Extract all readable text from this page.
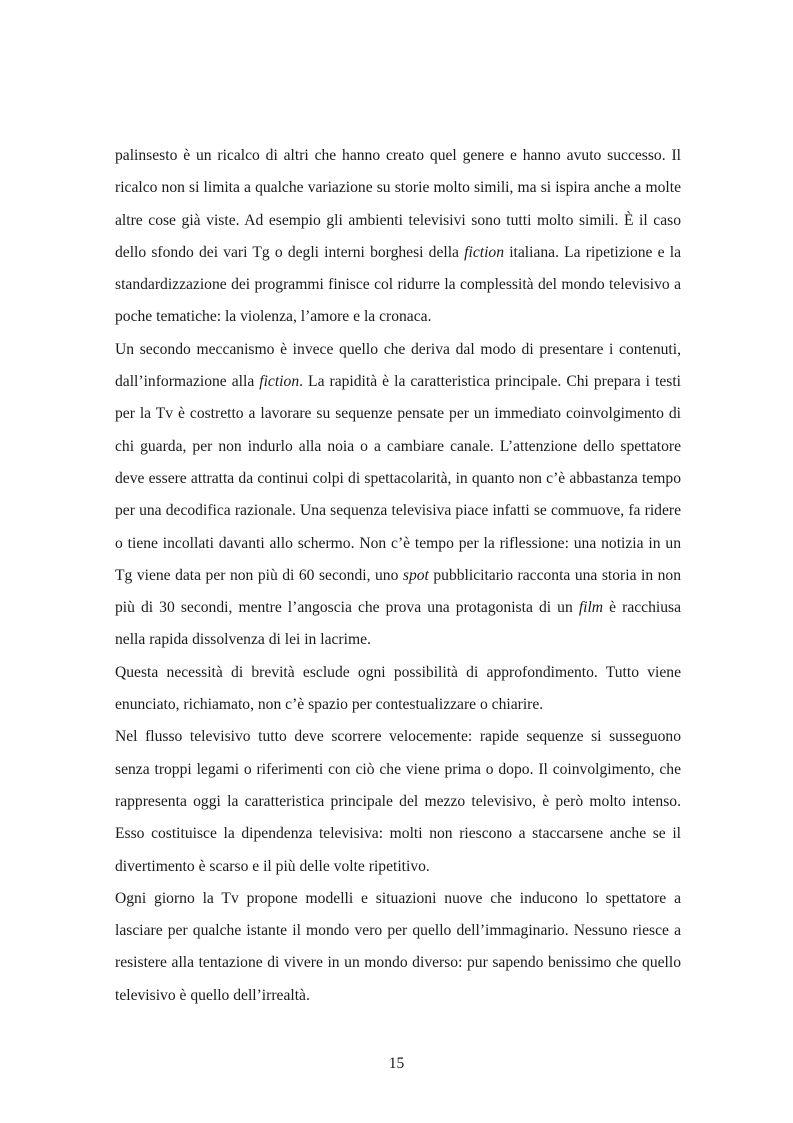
palinsesto è un ricalco di altri che hanno creato quel genere e hanno avuto successo. Il ricalco non si limita a qualche variazione su storie molto simili, ma si ispira anche a molte altre cose già viste. Ad esempio gli ambienti televisivi sono tutti molto simili. È il caso dello sfondo dei vari Tg o degli interni borghesi della fiction italiana. La ripetizione e la standardizzazione dei programmi finisce col ridurre la complessità del mondo televisivo a poche tematiche: la violenza, l’amore e la cronaca.

Un secondo meccanismo è invece quello che deriva dal modo di presentare i contenuti, dall’informazione alla fiction. La rapidità è la caratteristica principale. Chi prepara i testi per la Tv è costretto a lavorare su sequenze pensate per un immediato coinvolgimento di chi guarda, per non indurlo alla noia o a cambiare canale. L’attenzione dello spettatore deve essere attratta da continui colpi di spettacolarità, in quanto non c’è abbastanza tempo per una decodifica razionale. Una sequenza televisiva piace infatti se commuove, fa ridere o tiene incollati davanti allo schermo. Non c’è tempo per la riflessione: una notizia in un Tg viene data per non più di 60 secondi, uno spot pubblicitario racconta una storia in non più di 30 secondi, mentre l’angoscia che prova una protagonista di un film è racchiusa nella rapida dissolvenza di lei in lacrime.

Questa necessità di brevità esclude ogni possibilità di approfondimento. Tutto viene enunciato, richiamato, non c’è spazio per contestualizzare o chiarire.

Nel flusso televisivo tutto deve scorrere velocemente: rapide sequenze si susseguono senza troppi legami o riferimenti con ciò che viene prima o dopo. Il coinvolgimento, che rappresenta oggi la caratteristica principale del mezzo televisivo, è però molto intenso. Esso costituisce la dipendenza televisiva: molti non riescono a staccarsene anche se il divertimento è scarso e il più delle volte ripetitivo.

Ogni giorno la Tv propone modelli e situazioni nuove che inducono lo spettatore a lasciare per qualche istante il mondo vero per quello dell’immaginario. Nessuno riesce a resistere alla tentazione di vivere in un mondo diverso: pur sapendo benissimo che quello televisivo è quello dell’irrealtà.

15
